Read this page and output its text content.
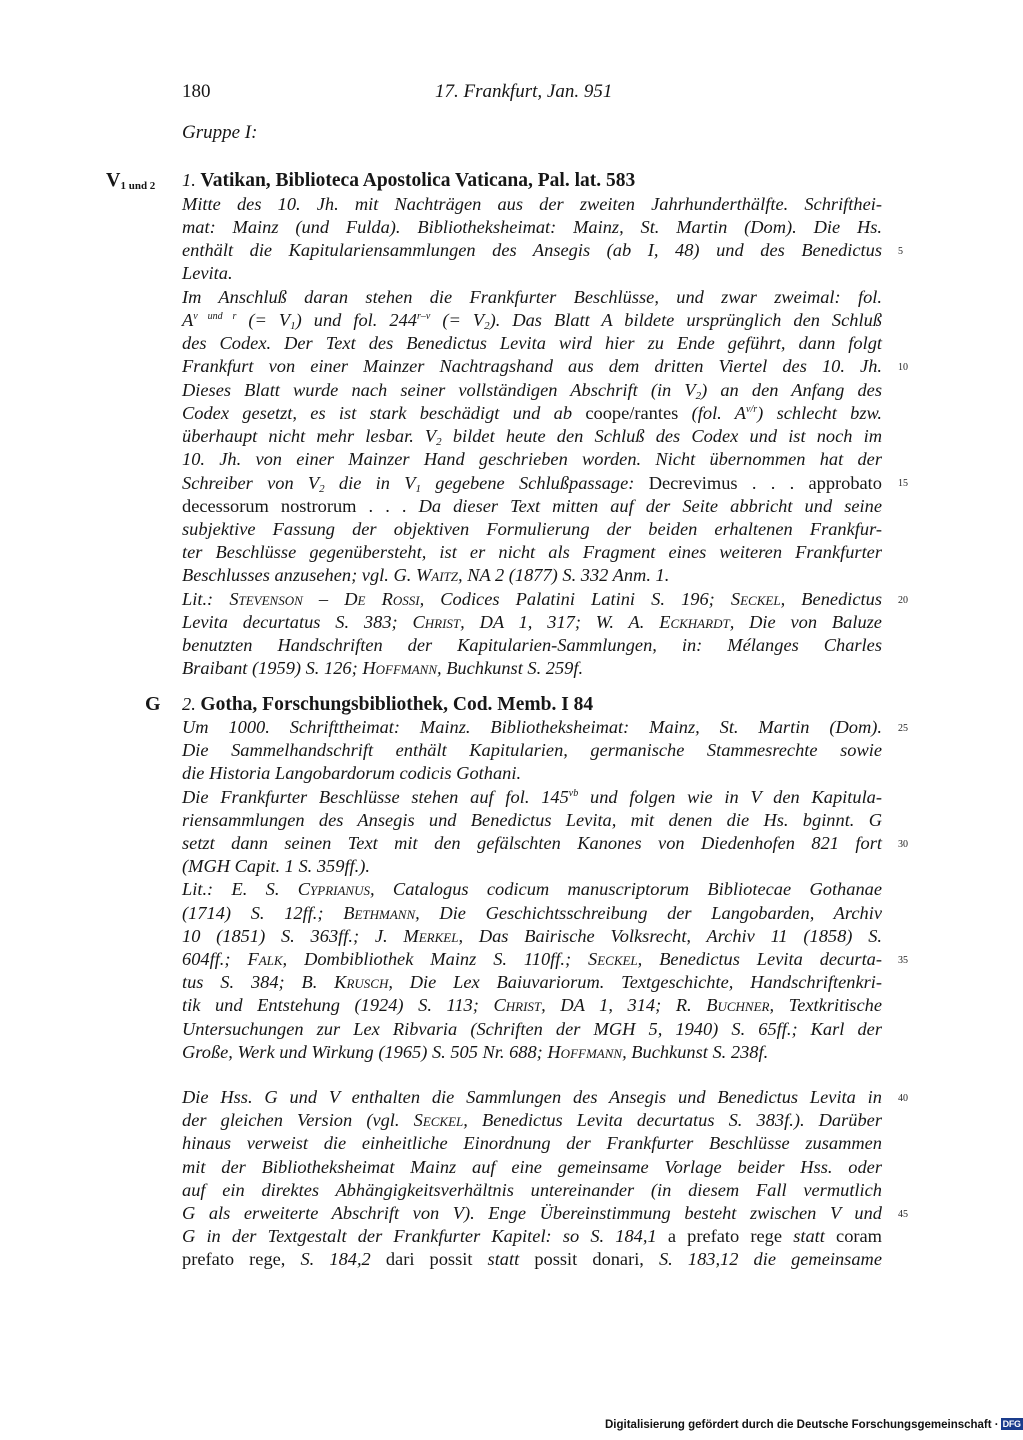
180	17. Frankfurt, Jan. 951
Gruppe I:
$V_{1 und 2}$ 1. Vatikan, Biblioteca Apostolica Vaticana, Pal. lat. 583
Mitte des 10. Jh. mit Nachträgen aus der zweiten Jahrhunderthälfte. Schrifthei-
mat: Mainz (und Fulda). Bibliotheksheimat: Mainz, St. Martin (Dom). Die Hs.
enthält die Kapitulariensammlungen des Ansegis (ab I, 48) und des Benedictus
Levita.
Im Anschluß daran stehen die Frankfurter Beschlüsse, und zwar zweimal: fol.
$A^{v und r}$ (= $V_1$) und fol. 244$^{r-v}$ (= $V_2$). Das Blatt A bildete ursprünglich den Schluß
des Codex. Der Text des Benedictus Levita wird hier zu Ende geführt, dann folgt
Frankfurt von einer Mainzer Nachtragshand aus dem dritten Viertel des 10. Jh.
Dieses Blatt wurde nach seiner vollständigen Abschrift (in $V_2$) an den Anfang des
Codex gesetzt, es ist stark beschädigt und ab coope/rantes (fol. $A^{v/r}$) schlecht bzw.
überhaupt nicht mehr lesbar. $V_2$ bildet heute den Schluß des Codex und ist noch im
10. Jh. von einer Mainzer Hand geschrieben worden. Nicht übernommen hat der
Schreiber von $V_2$ die in $V_1$ gegebene Schlußpassage: Decrevimus . . . approbato
decessorum nostrorum . . . Da dieser Text mitten auf der Seite abbricht und seine
subjektive Fassung der objektiven Formulierung der beiden erhaltenen Frankfur-
ter Beschlüsse gegenübersteht, ist er nicht als Fragment eines weiteren Frankfurter
Beschlusses anzusehen; vgl. G. Waitz, NA 2 (1877) S. 332 Anm. 1.
Lit.: Stevenson – De Rossi, Codices Palatini Latini S. 196; Seckel, Benedictus
Levita decurtatus S. 383; Christ, DA 1, 317; W. A. Eckhardt, Die von Baluze
benutzten Handschriften der Kapitularien-Sammlungen, in: Mélanges Charles
Braibant (1959) S. 126; Hoffmann, Buchkunst S. 259f.
G 2. Gotha, Forschungsbibliothek, Cod. Memb. I 84
Um 1000. Schrifttheimat: Mainz. Bibliotheksheimat: Mainz, St. Martin (Dom).
Die Sammelhandschrift enthält Kapitularien, germanische Stammesrechte sowie
die Historia Langobardorum codicis Gothani.
Die Frankfurter Beschlüsse stehen auf fol. $145^{vb}$ und folgen wie in V den Kapitula-
riensammlungen des Ansegis und Benedictus Levita, mit denen die Hs. bginnt. G
setzt dann seinen Text mit den gefälschten Kanones von Diedenhofen 821 fort
(MGH Capit. 1 S. 359ff.).
Lit.: E. S. Cyprianus, Catalogus codicum manuscriptorum Bibliotecae Gothanae
(1714) S. 12ff.; Bethmann, Die Geschichtsschreibung der Langobarden, Archiv
10 (1851) S. 363ff.; J. Merkel, Das Bairische Volksrecht, Archiv 11 (1858) S.
604ff.; Falk, Dombibliothek Mainz S. 110ff.; Seckel, Benedictus Levita decurta-
tus S. 384; B. Krusch, Die Lex Baiuvariorum. Textgeschichte, Handschriftenkri-
tik und Entstehung (1924) S. 113; Christ, DA 1, 314; R. Buchner, Textkritische
Untersuchungen zur Lex Ribvaria (Schriften der MGH 5, 1940) S. 65ff.; Karl der
Große, Werk und Wirkung (1965) S. 505 Nr. 688; Hoffmann, Buchkunst S. 238f.
Die Hss. G und V enthalten die Sammlungen des Ansegis und Benedictus Levita in
der gleichen Version (vgl. Seckel, Benedictus Levita decurtatus S. 383f.). Darüber
hinaus verweist die einheitliche Einordnung der Frankfurter Beschlüsse zusammen
mit der Bibliotheksheimat Mainz auf eine gemeinsame Vorlage beider Hss. oder
auf ein direktes Abhängigkeitsverhältnis untereinander (in diesem Fall vermutlich
G als erweiterte Abschrift von V). Enge Übereinstimmung besteht zwischen V und
G in der Textgestalt der Frankfurter Kapitel: so S. 184,1 a prefato rege statt coram
prefato rege, S. 184,2 dari possit statt possit donari, S. 183,12 die gemeinsame
5
10
15
20
25
30
35
40
45
Digitalisierung gefördert durch die Deutsche Forschungsgemeinschaft · DFG
